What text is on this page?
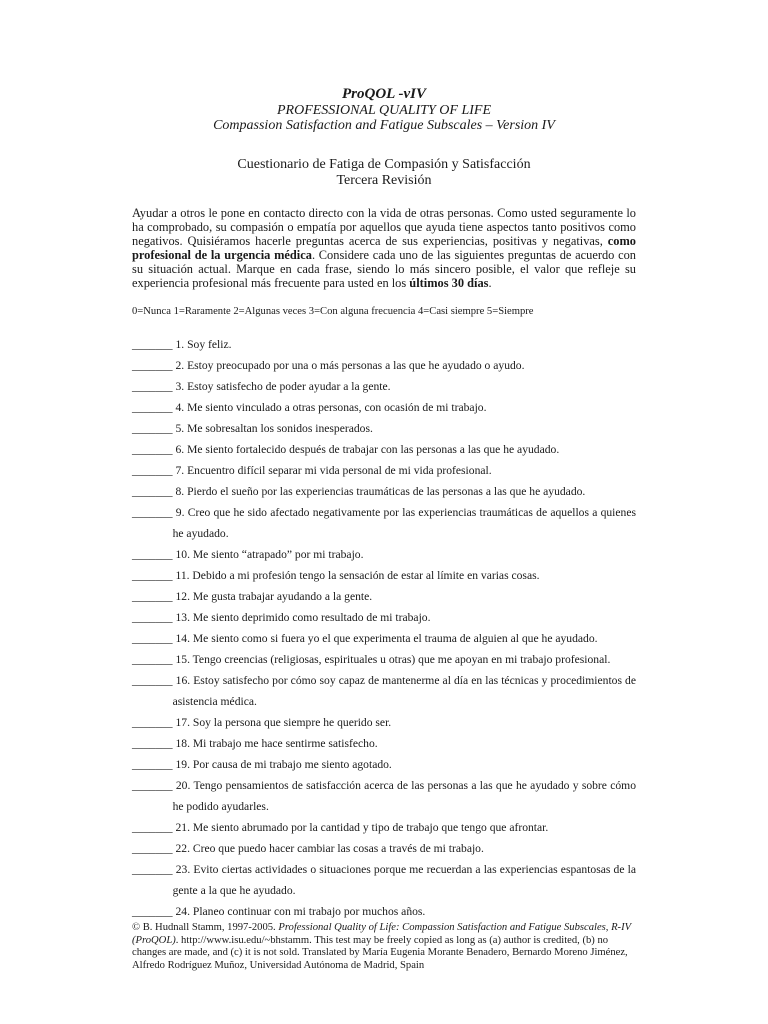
ProQOL -vIV
PROFESSIONAL QUALITY OF LIFE
Compassion Satisfaction and Fatigue Subscales – Version IV
Cuestionario de Fatiga de Compasión y Satisfacción
Tercera Revisión
Ayudar a otros le pone en contacto directo con la vida de otras personas. Como usted seguramente lo ha comprobado, su compasión o empatía por aquellos que ayuda tiene aspectos tanto positivos como negativos. Quisiéramos hacerle preguntas acerca de sus experiencias, positivas y negativas, como profesional de la urgencia médica. Considere cada uno de las siguientes preguntas de acuerdo con su situación actual. Marque en cada frase, siendo lo más sincero posible, el valor que refleje su experiencia profesional más frecuente para usted en los últimos 30 días.
0=Nunca 1=Raramente 2=Algunas veces 3=Con alguna frecuencia 4=Casi siempre 5=Siempre
_______ 1. Soy feliz.
_______ 2. Estoy preocupado por una o más personas a las que he ayudado o ayudo.
_______ 3. Estoy satisfecho de poder ayudar a la gente.
_______ 4. Me siento vinculado a otras personas, con ocasión de mi trabajo.
_______ 5. Me sobresaltan los sonidos inesperados.
_______ 6. Me siento fortalecido después de trabajar con las personas a las que he ayudado.
_______ 7. Encuentro difícil separar mi vida personal de mi vida profesional.
_______ 8. Pierdo el sueño por las experiencias traumáticas de las personas a las que he ayudado.
_______ 9. Creo que he sido afectado negativamente por las experiencias traumáticas de aquellos a quienes he ayudado.
_______ 10. Me siento “atrapado” por mi trabajo.
_______ 11. Debido a mi profesión tengo la sensación de estar al límite en varias cosas.
_______ 12. Me gusta trabajar ayudando a la gente.
_______ 13. Me siento deprimido como resultado de mi trabajo.
_______ 14. Me siento como si fuera yo el que experimenta el trauma de alguien al que he ayudado.
_______ 15. Tengo creencias (religiosas, espirituales u otras) que me apoyan en mi trabajo profesional.
_______ 16. Estoy satisfecho por cómo soy capaz de mantenerme al día en las técnicas y procedimientos de asistencia médica.
_______ 17. Soy la persona que siempre he querido ser.
_______ 18. Mi trabajo me hace sentirme satisfecho.
_______ 19. Por causa de mi trabajo me siento agotado.
_______ 20. Tengo pensamientos de satisfacción acerca de las personas a las que he ayudado y sobre cómo he podido ayudarles.
_______ 21. Me siento abrumado por la cantidad y tipo de trabajo que tengo que afrontar.
_______ 22. Creo que puedo hacer cambiar las cosas a través de mi trabajo.
_______ 23. Evito ciertas actividades o situaciones porque me recuerdan a las experiencias espantosas de la gente a la que he ayudado.
_______ 24. Planeo continuar con mi trabajo por muchos años.
© B. Hudnall Stamm, 1997-2005. Professional Quality of Life: Compassion Satisfaction and Fatigue Subscales, R-IV (ProQOL). http://www.isu.edu/~bhstamm. This test may be freely copied as long as (a) author is credited, (b) no changes are made, and (c) it is not sold. Translated by María Eugenia Morante Benadero, Bernardo Moreno Jiménez, Alfredo Rodríguez Muñoz, Universidad Autónoma de Madrid, Spain
